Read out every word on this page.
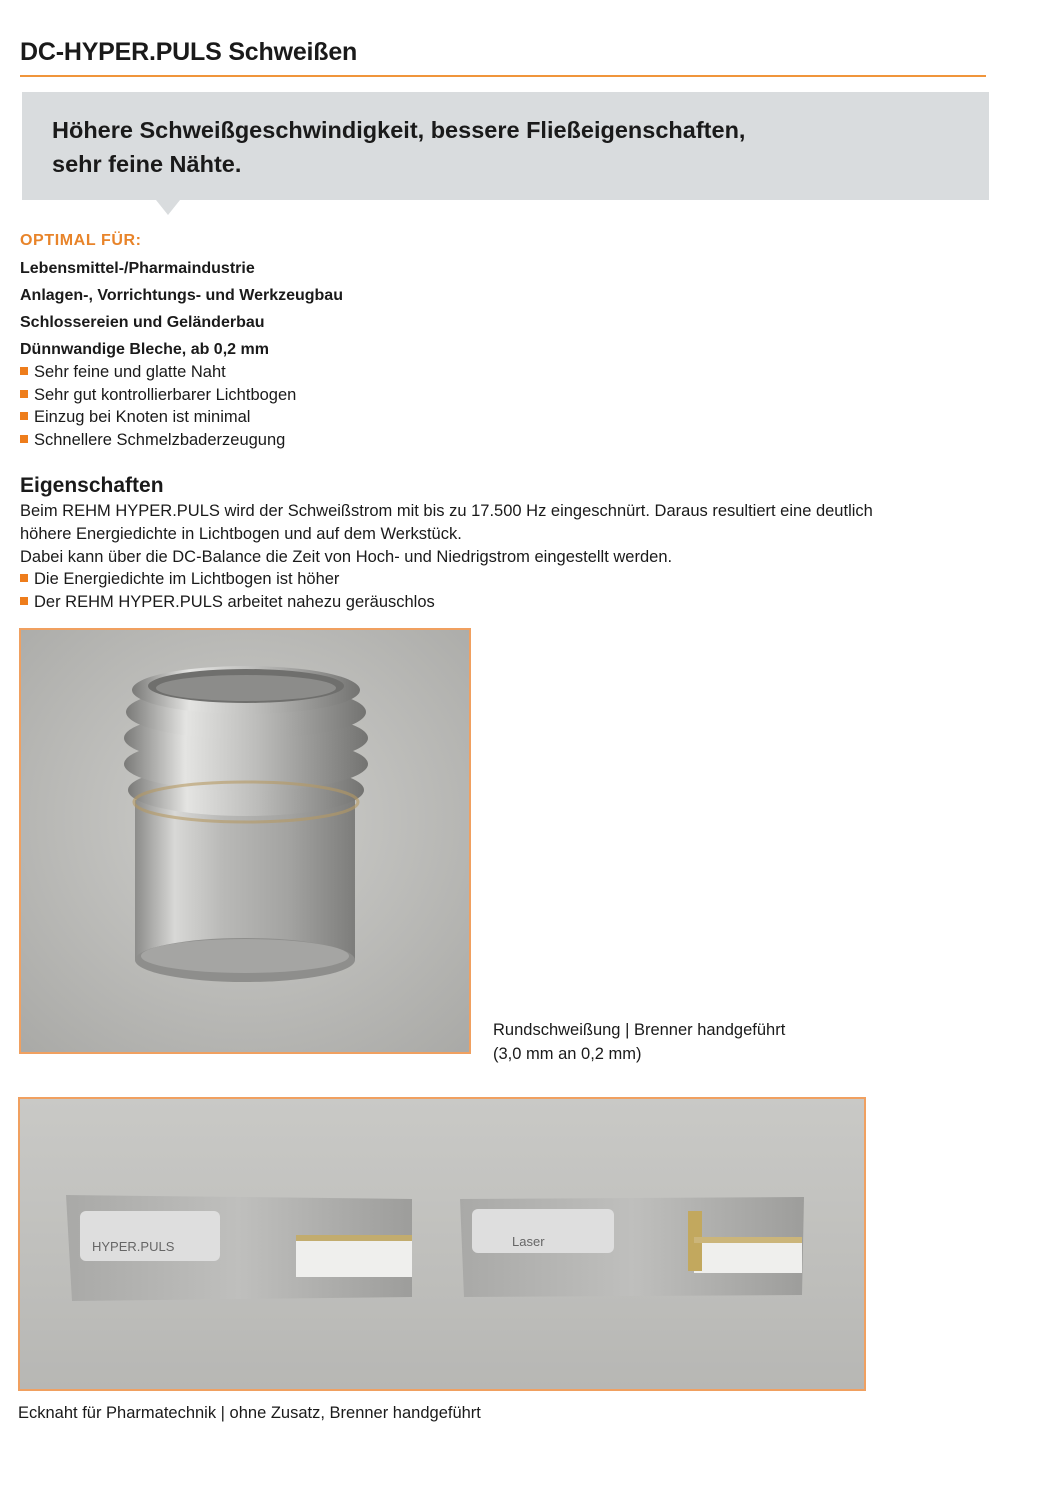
DC-HYPER.PULS Schweißen
Höhere Schweißgeschwindigkeit, bessere Fließeigenschaften,
sehr feine Nähte.
OPTIMAL FÜR:
Lebensmittel-/Pharmaindustrie
Anlagen-, Vorrichtungs- und Werkzeugbau
Schlossereien und Geländerbau
Dünnwandige Bleche, ab 0,2 mm
Sehr feine und glatte Naht
Sehr gut kontrollierbarer Lichtbogen
Einzug bei Knoten ist minimal
Schnellere Schmelzbaderzeugung
Eigenschaften

Beim REHM HYPER.PULS wird der Schweißstrom mit bis zu 17.500 Hz eingeschnürt. Daraus resultiert eine deutlich höhere Energiedichte in Lichtbogen und auf dem Werkstück.

Dabei kann über die DC-Balance die Zeit von Hoch- und Niedrigstrom eingestellt werden.

Die Energiedichte im Lichtbogen ist höher
Der REHM HYPER.PULS arbeitet nahezu geräuschlos
Rundschweißung | Brenner handgeführt
(3,0 mm an 0,2 mm)
HYPER.PULS	Laser
Ecknaht für Pharmatechnik | ohne Zusatz, Brenner handgeführt
